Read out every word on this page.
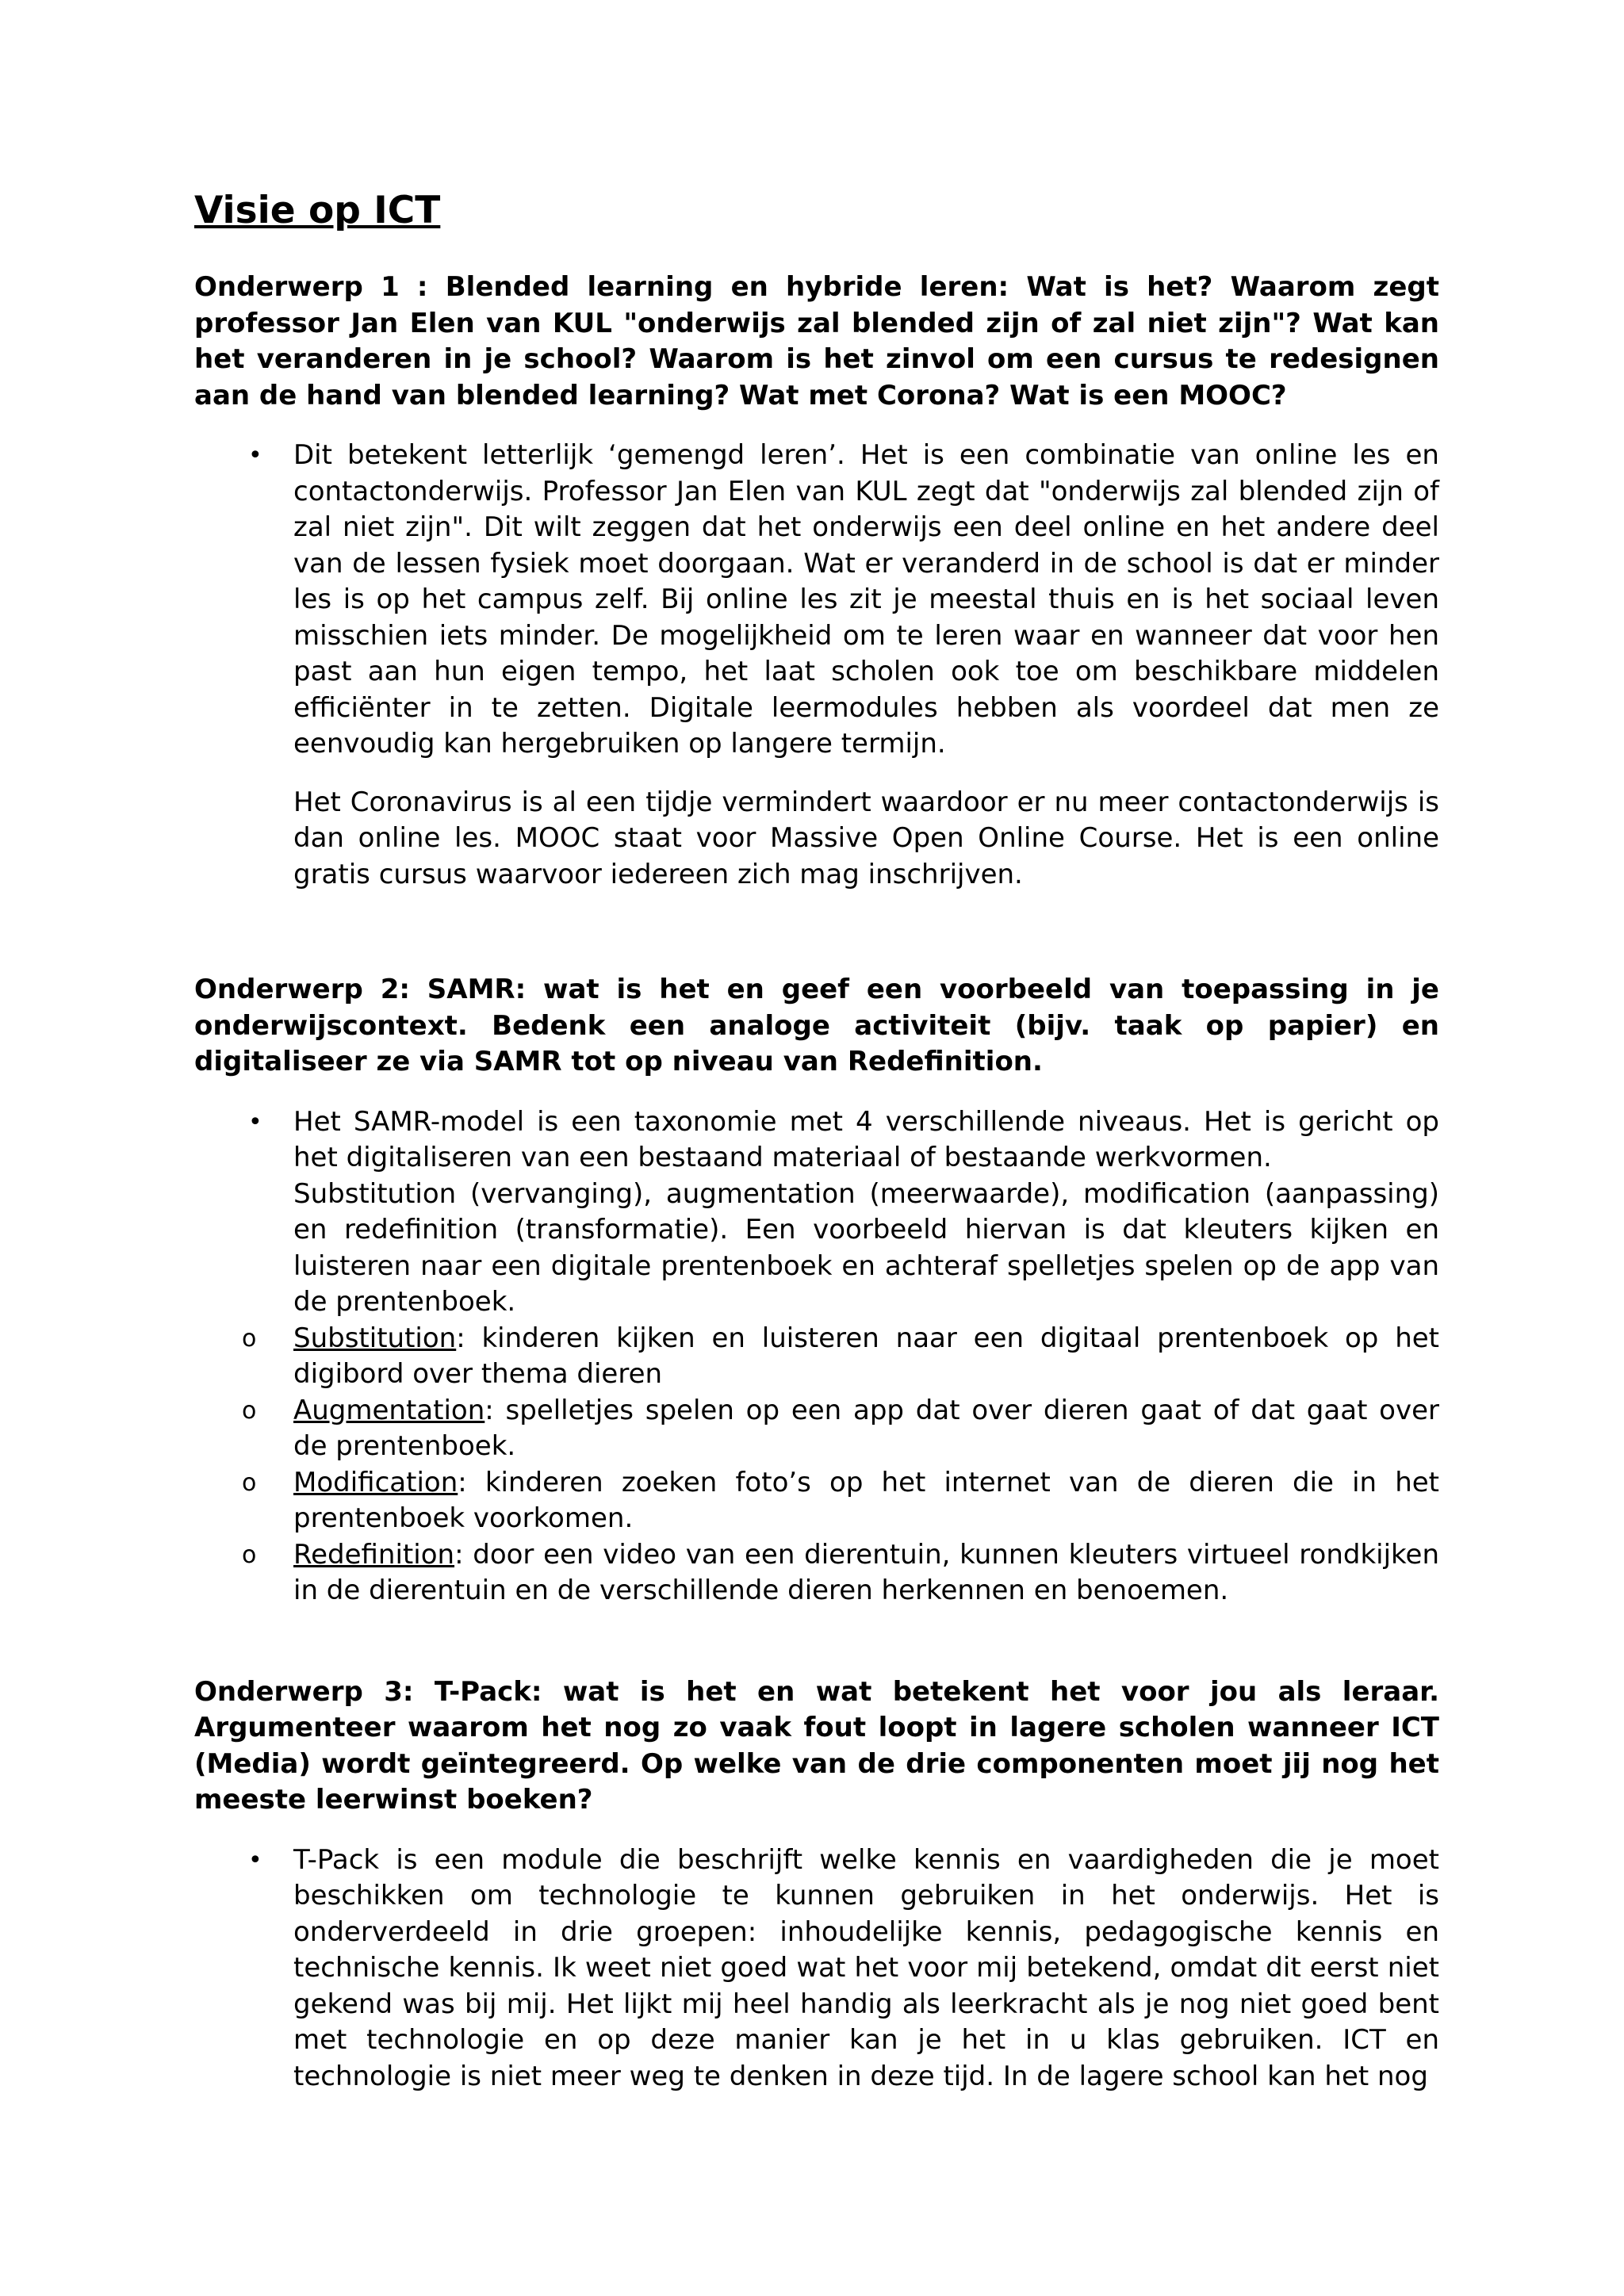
Visie op ICT

Onderwerp 1 : Blended learning en hybride leren: Wat is het? Waarom zegt professor Jan Elen van KUL "onderwijs zal blended zijn of zal niet zijn"? Wat kan het veranderen in je school? Waarom is het zinvol om een cursus te redesignen aan de hand van blended learning? Wat met Corona? Wat is een MOOC?

• Dit betekent letterlijk ‘gemengd leren’. Het is een combinatie van online les en contactonderwijs. Professor Jan Elen van KUL zegt dat "onderwijs zal blended zijn of zal niet zijn". Dit wilt zeggen dat het onderwijs een deel online en het andere deel van de lessen fysiek moet doorgaan. Wat er veranderd in de school is dat er minder les is op het campus zelf. Bij online les zit je meestal thuis en is het sociaal leven misschien iets minder. De mogelijkheid om te leren waar en wanneer dat voor hen past aan hun eigen tempo, het laat scholen ook toe om beschikbare middelen efficiënter in te zetten. Digitale leermodules hebben als voordeel dat men ze eenvoudig kan hergebruiken op langere termijn.

Het Coronavirus is al een tijdje vermindert waardoor er nu meer contactonderwijs is dan online les. MOOC staat voor Massive Open Online Course. Het is een online gratis cursus waarvoor iedereen zich mag inschrijven.

Onderwerp 2: SAMR: wat is het en geef een voorbeeld van toepassing in je onderwijscontext. Bedenk een analoge activiteit (bijv. taak op papier) en digitaliseer ze via SAMR tot op niveau van Redefinition.

• Het SAMR-model is een taxonomie met 4 verschillende niveaus. Het is gericht op het digitaliseren van een bestaand materiaal of bestaande werkvormen.

Substitution (vervanging), augmentation (meerwaarde), modification (aanpassing) en redefinition (transformatie). Een voorbeeld hiervan is dat kleuters kijken en luisteren naar een digitale prentenboek en achteraf spelletjes spelen op de app van de prentenboek.

o Substitution: kinderen kijken en luisteren naar een digitaal prentenboek op het digibord over thema dieren
o Augmentation: spelletjes spelen op een app dat over dieren gaat of dat gaat over de prentenboek.
o Modification: kinderen zoeken foto’s op het internet van de dieren die in het prentenboek voorkomen.
o Redefinition: door een video van een dierentuin, kunnen kleuters virtueel rondkijken in de dierentuin en de verschillende dieren herkennen en benoemen.

Onderwerp 3: T-Pack: wat is het en wat betekent het voor jou als leraar. Argumenteer waarom het nog zo vaak fout loopt in lagere scholen wanneer ICT (Media) wordt geïntegreerd. Op welke van de drie componenten moet jij nog het meeste leerwinst boeken?

• T-Pack is een module die beschrijft welke kennis en vaardigheden die je moet beschikken om technologie te kunnen gebruiken in het onderwijs. Het is onderverdeeld in drie groepen: inhoudelijke kennis, pedagogische kennis en technische kennis. Ik weet niet goed wat het voor mij betekend, omdat dit eerst niet gekend was bij mij. Het lijkt mij heel handig als leerkracht als je nog niet goed bent met technologie en op deze manier kan je het in u klas gebruiken. ICT en technologie is niet meer weg te denken in deze tijd. In de lagere school kan het nog
